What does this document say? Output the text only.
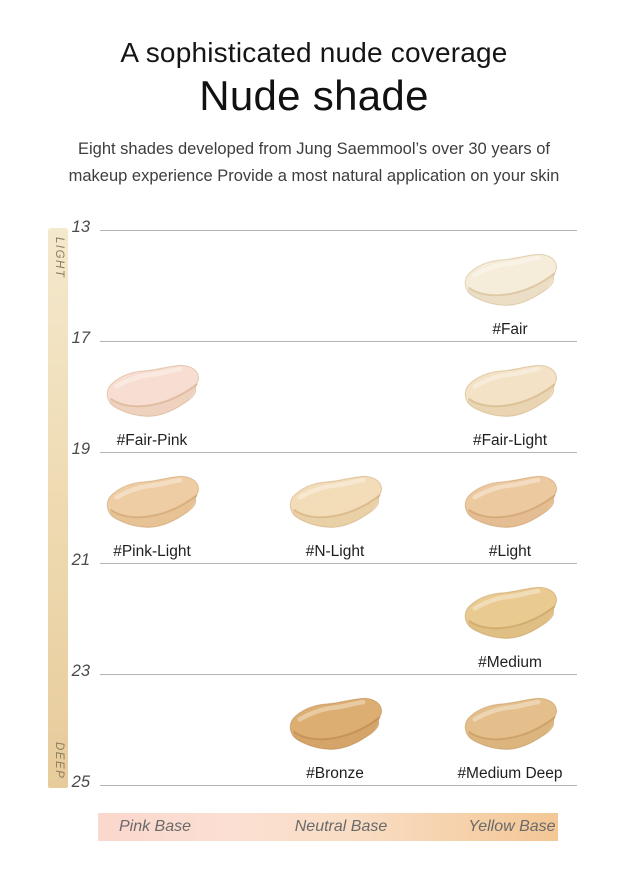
A sophisticated nude coverage
Nude shade

Eight shades developed from Jung Saemmool’s over 30 years of
makeup experience Provide a most natural application on your skin

LIGHT
DEEP
13
17
19
21
23
25
#Fair
#Fair-Pink	#Fair-Light
#Pink-Light	#N-Light	#Light
#Medium
#Bronze	#Medium Deep
Pink Base	Neutral Base	Yellow Base
